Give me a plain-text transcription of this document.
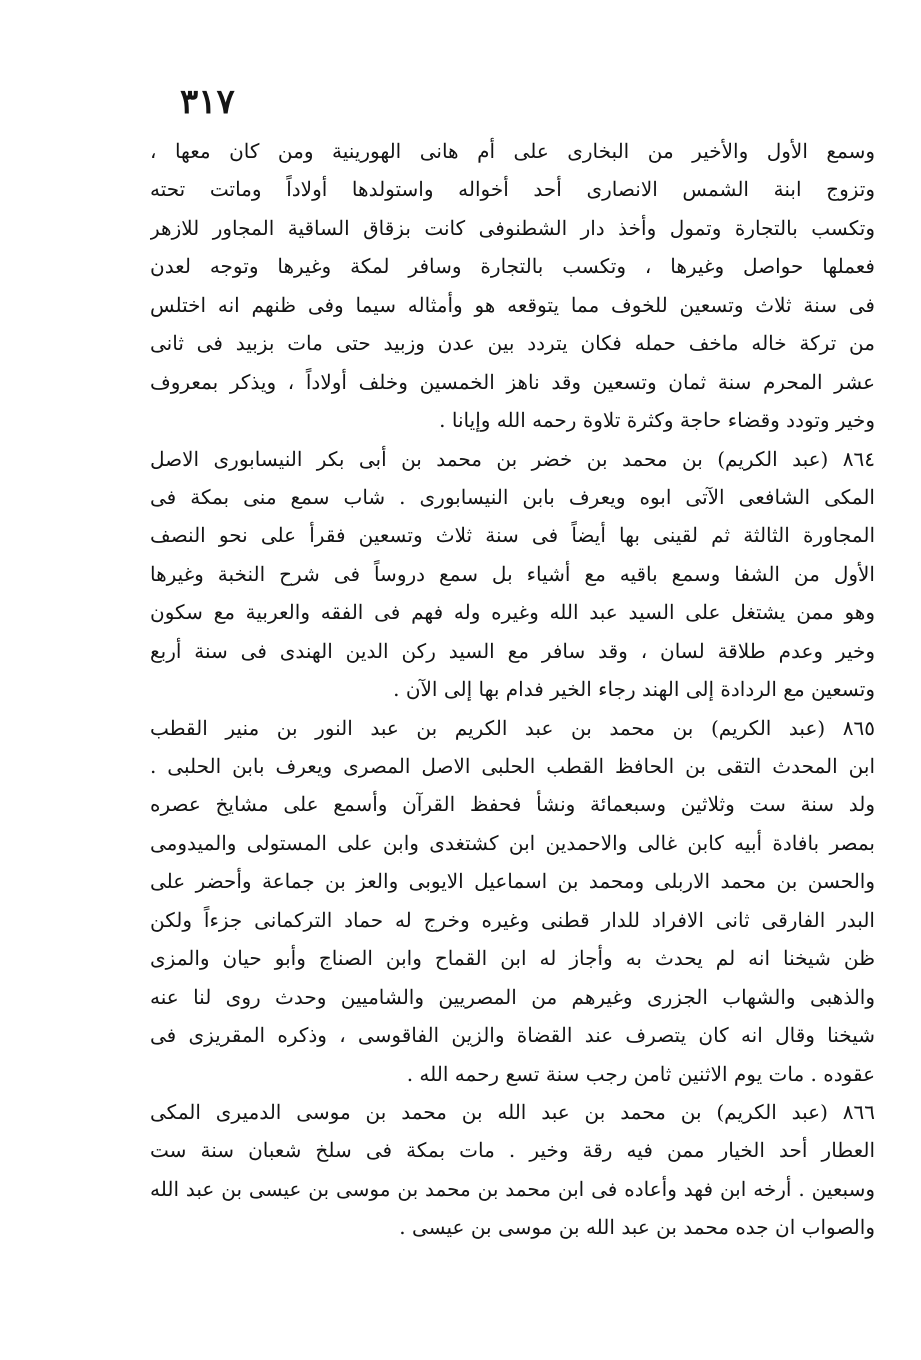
٣١٧
وسمع الأول والأخير من البخارى على أم هانى الهورينية ومن كان معها ،
وتزوج ابنة الشمس الانصارى أحد أخواله واستولدها أولاداً وماتت تحته
وتكسب بالتجارة وتمول وأخذ دار الشطنوفى كانت بزقاق الساقية المجاور للازهر
فعملها حواصل وغيرها ، وتكسب بالتجارة وسافر لمكة وغيرها وتوجه لعدن
فى سنة ثلاث وتسعين للخوف مما يتوقعه هو وأمثاله سيما وفى ظنهم انه اختلس
من تركة خاله ماخف حمله فكان يتردد بين عدن وزبيد حتى مات بزبيد فى ثانى
عشر المحرم سنة ثمان وتسعين وقد ناهز الخمسين وخلف أولاداً ، ويذكر بمعروف
وخير وتودد وقضاء حاجة وكثرة تلاوة رحمه الله وإيانا .
٨٦٤ (عبد الكريم) بن محمد بن خضر بن محمد بن أبى بكر النيسابورى الاصل
المكى الشافعى الآتى ابوه ويعرف بابن النيسابورى . شاب سمع منى بمكة فى
المجاورة الثالثة ثم لقينى بها أيضاً فى سنة ثلاث وتسعين فقرأ على نحو النصف
الأول من الشفا وسمع باقيه مع أشياء بل سمع دروساً فى شرح النخبة وغيرها
وهو ممن يشتغل على السيد عبد الله وغيره وله فهم فى الفقه والعربية مع سكون
وخير وعدم طلاقة لسان ، وقد سافر مع السيد ركن الدين الهندى فى سنة أربع
وتسعين مع الردادة إلى الهند رجاء الخير فدام بها إلى الآن .
٨٦٥ (عبد الكريم) بن محمد بن عبد الكريم بن عبد النور بن منير القطب
ابن المحدث التقى بن الحافظ القطب الحلبى الاصل المصرى ويعرف بابن الحلبى .
ولد سنة ست وثلاثين وسبعمائة ونشأ فحفظ القرآن وأسمع على مشايخ عصره
بمصر بافادة أبيه كابن غالى والاحمدين ابن كشتغدى وابن على المستولى والميدومى
والحسن بن محمد الاربلى ومحمد بن اسماعيل الايوبى والعز بن جماعة وأحضر على
البدر الفارقى ثانى الافراد للدار قطنى وغيره وخرج له حماد التركمانى جزءاً ولكن
ظن شيخنا انه لم يحدث به وأجاز له ابن القماح وابن الصناج وأبو حيان والمزى
والذهبى والشهاب الجزرى وغيرهم من المصريين والشاميين وحدث روى لنا عنه
شيخنا وقال انه كان يتصرف عند القضاة والزين الفاقوسى ، وذكره المقريزى فى
عقوده . مات يوم الاثنين ثامن رجب سنة تسع رحمه الله .
٨٦٦ (عبد الكريم) بن محمد بن عبد الله بن محمد بن موسى الدميرى المكى
العطار أحد الخيار ممن فيه رقة وخير . مات بمكة فى سلخ شعبان سنة ست
وسبعين . أرخه ابن فهد وأعاده فى ابن محمد بن محمد بن موسى بن عيسى بن عبد الله
والصواب ان جده محمد بن عبد الله بن موسى بن عيسى .
